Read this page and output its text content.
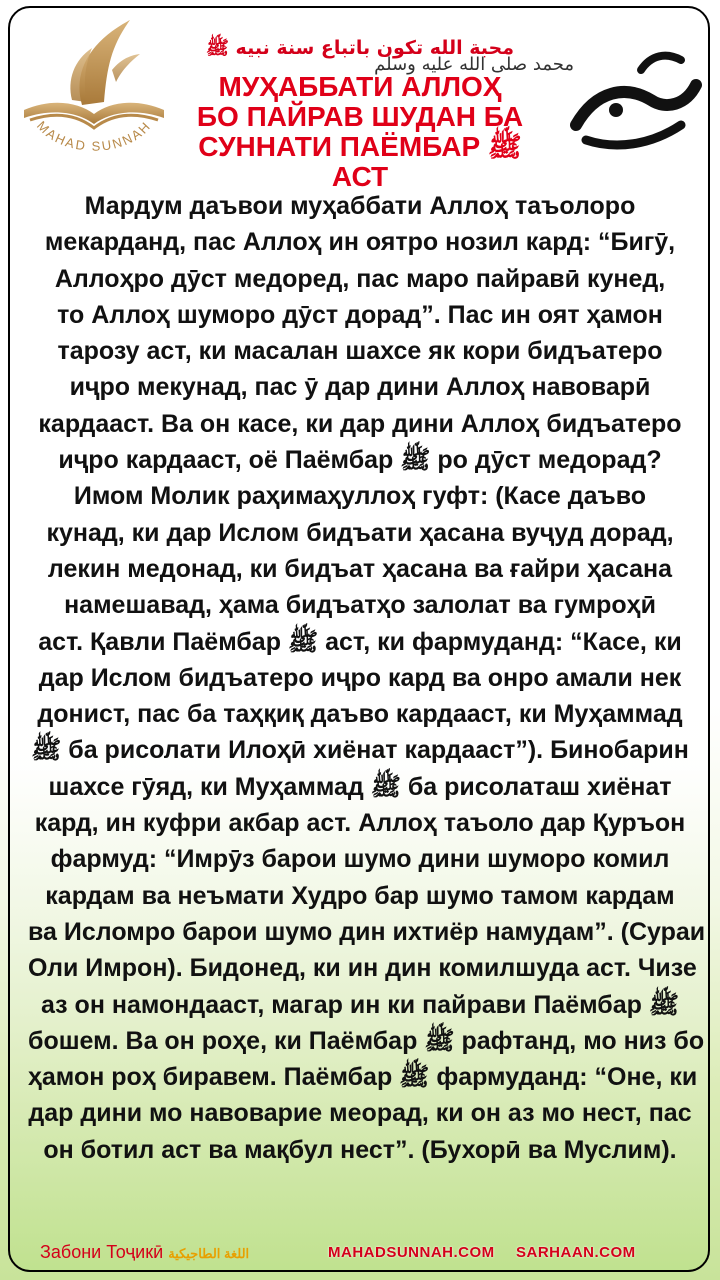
MAHAD SUNNAH
محبة الله تكون باتباع سنة نبيه ﷺ

МУҲАББАТИ АЛЛОҲ

БО ПАЙРАВ ШУДАН БА

СУННАТИ ПАЁМБАР ﷺ АСТ

محمد صلى الله عليه وسلم

Мардум даъвои муҳаббати Аллоҳ таъолоро

мекарданд, пас Аллоҳ ин оятро нозил кард: “Бигӯ,

Аллоҳро дӯст медоред, пас маро пайравӣ кунед,

то Аллоҳ шуморо дӯст дорад”. Пас ин оят ҳамон

тарозу аст, ки масалан шахсе як кори бидъатеро

иҷро мекунад, пас ӯ дар дини Аллоҳ навоварӣ

кардааст. Ва он касе, ки дар дини Аллоҳ бидъатеро

иҷро кардааст, оё Паёмбар ﷺ ро дӯст медорад?

Имом Молик раҳимаҳуллоҳ гуфт: (Касе даъво

кунад, ки дар Ислом бидъати ҳасана вуҷуд дорад,

лекин медонад, ки бидъат ҳасана ва ғайри ҳасана

намешавад, ҳама бидъатҳо залолат ва гумроҳӣ

аст. Қавли Паёмбар ﷺ аст, ки фармуданд: “Касе, ки

дар Ислом бидъатеро иҷро кард ва онро амали нек

донист, пас ба таҳқиқ даъво кардааст, ки Муҳаммад

ﷺ ба рисолати Илоҳӣ хиёнат кардааст”). Бинобарин

шахсе гӯяд, ки Муҳаммад ﷺ ба рисолаташ хиёнат

кард, ин куфри акбар аст. Аллоҳ таъоло дар Қуръон

фармуд: “Имрӯз барои шумо дини шуморо комил

кардам ва неъмати Худро бар шумо тамом кардам

ва Исломро барои шумо дин ихтиёр намудам”. (Сураи

Оли Имрон). Бидонед, ки ин дин комилшуда аст. Чизе

аз он намондааст, магар ин ки пайрави Паёмбар ﷺ

бошем. Ва он роҳе, ки Паёмбар ﷺ рафтанд, мо низ бо

ҳамон роҳ биравем. Паёмбар ﷺ фармуданд: “Оне, ки

дар дини мо навоварие меорад, ки он аз мо нест, пас

он ботил аст ва мақбул нест”. (Бухорӣ ва Муслим).

Забони Тоҷикӣ اللغة الطاجيكية	MAHADSUNNAH.COM SARHAAN.COM
